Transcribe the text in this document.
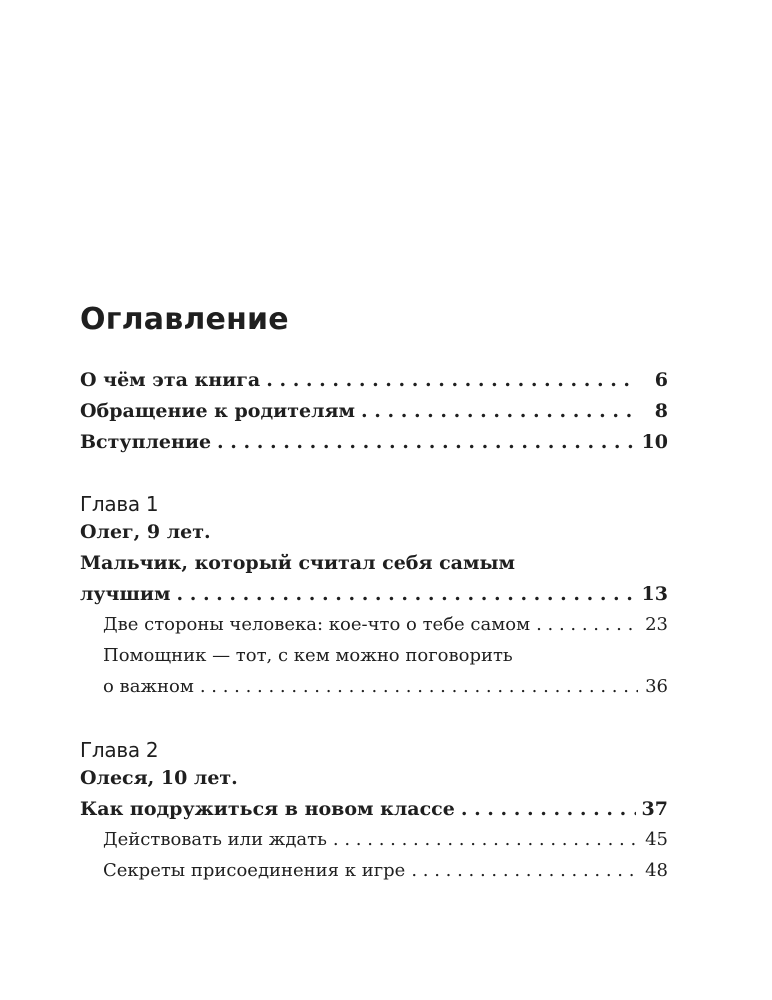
Оглавление
О чём эта книга . . .	6
Обращение к родителям . . .	8
Вступление . . .	10
Глава 1
Олег, 9 лет.
Мальчик, который считал себя самым
лучшим . . .	13
Две стороны человека: кое-что о тебе самом . . .	23
Помощник — тот, с кем можно поговорить
о важном . . .	36
Глава 2
Олеся, 10 лет.
Как подружиться в новом классе . . .	37
Действовать или ждать . . .	45
Секреты присоединения к игре . . .	48
